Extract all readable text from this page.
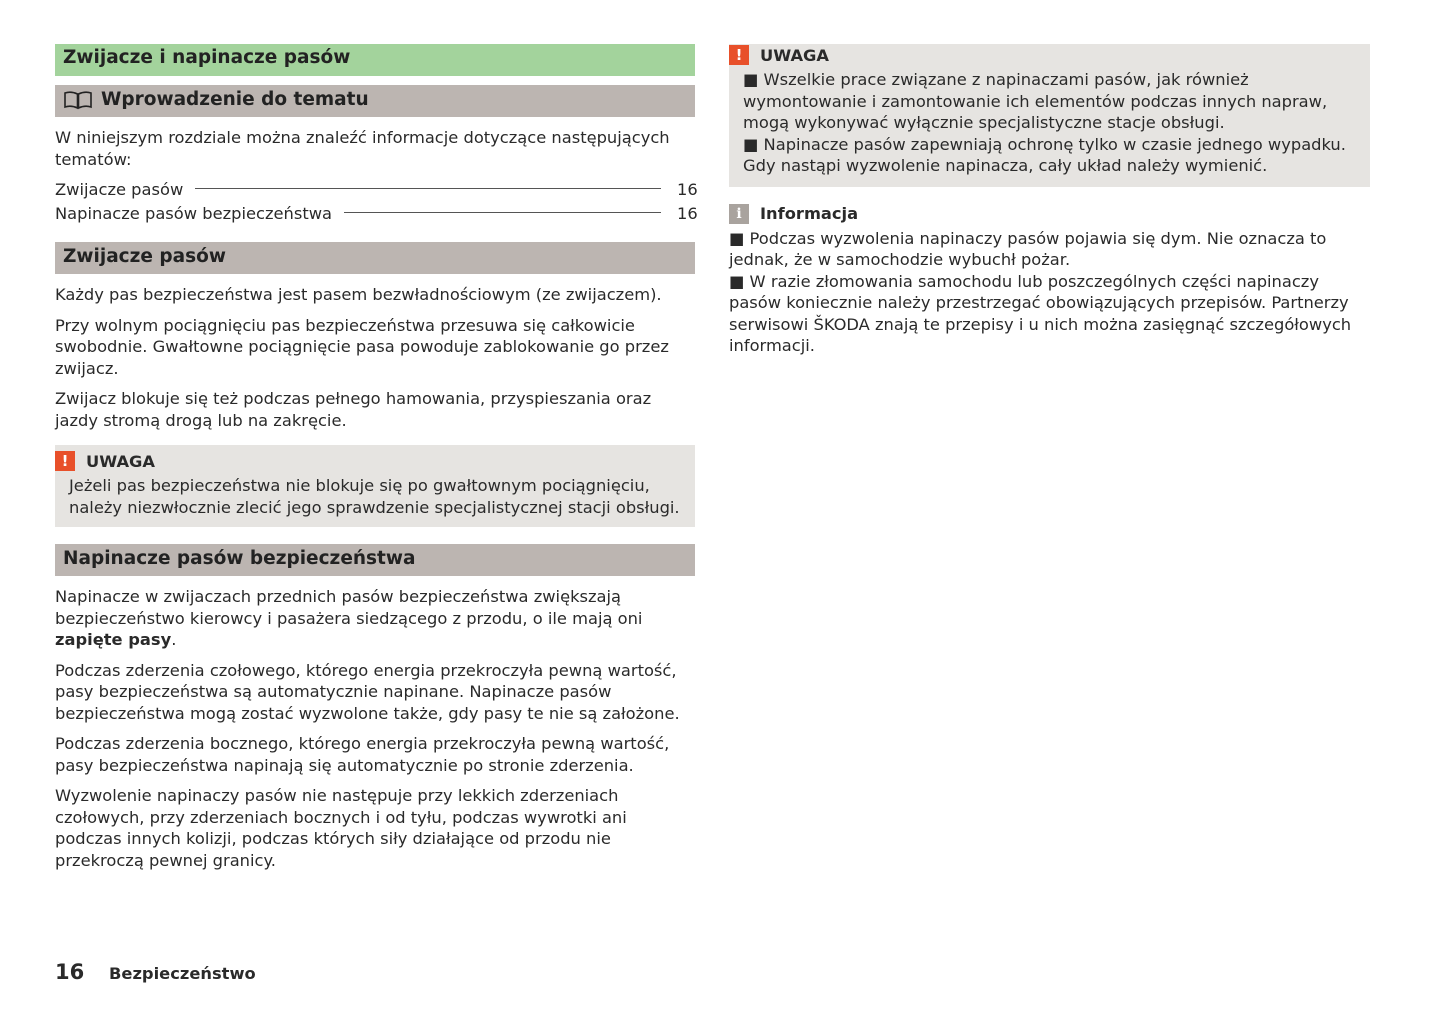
Zwijacze i napinacze pasów
Wprowadzenie do tematu

W niniejszym rozdziale można znaleźć informacje dotyczące następujących tematów:

Zwijacze pasów	16
Napinacze pasów bezpieczeństwa	16
Zwijacze pasów

Każdy pas bezpieczeństwa jest pasem bezwładnościowym (ze zwijaczem).

Przy wolnym pociągnięciu pas bezpieczeństwa przesuwa się całkowicie swobodnie. Gwałtowne pociągnięcie pasa powoduje zablokowanie go przez zwijacz.

Zwijacz blokuje się też podczas pełnego hamowania, przyspieszania oraz jazdy stromą drogą lub na zakręcie.

!	UWAGA

Jeżeli pas bezpieczeństwa nie blokuje się po gwałtownym pociągnięciu, należy niezwłocznie zlecić jego sprawdzenie specjalistycznej stacji obsługi.

Napinacze pasów bezpieczeństwa

Napinacze w zwijaczach przednich pasów bezpieczeństwa zwiększają bezpieczeństwo kierowcy i pasażera siedzącego z przodu, o ile mają oni zapięte pasy.

Podczas zderzenia czołowego, którego energia przekroczyła pewną wartość, pasy bezpieczeństwa są automatycznie napinane. Napinacze pasów bezpieczeństwa mogą zostać wyzwolone także, gdy pasy te nie są założone.

Podczas zderzenia bocznego, którego energia przekroczyła pewną wartość, pasy bezpieczeństwa napinają się automatycznie po stronie zderzenia.

Wyzwolenie napinaczy pasów nie następuje przy lekkich zderzeniach czołowych, przy zderzeniach bocznych i od tyłu, podczas wywrotki ani podczas innych kolizji, podczas których siły działające od przodu nie przekroczą pewnej granicy.

!	UWAGA

■ Wszelkie prace związane z napinaczami pasów, jak również wymontowanie i zamontowanie ich elementów podczas innych napraw, mogą wykonywać wyłącznie specjalistyczne stacje obsługi.

■ Napinacze pasów zapewniają ochronę tylko w czasie jednego wypadku. Gdy nastąpi wyzwolenie napinacza, cały układ należy wymienić.

i	Informacja

■ Podczas wyzwolenia napinaczy pasów pojawia się dym. Nie oznacza to jednak, że w samochodzie wybuchł pożar.

■ W razie złomowania samochodu lub poszczególnych części napinaczy pasów koniecznie należy przestrzegać obowiązujących przepisów. Partnerzy serwisowi ŠKODA znają te przepisy i u nich można zasięgnąć szczegółowych informacji.

16	Bezpieczeństwo
